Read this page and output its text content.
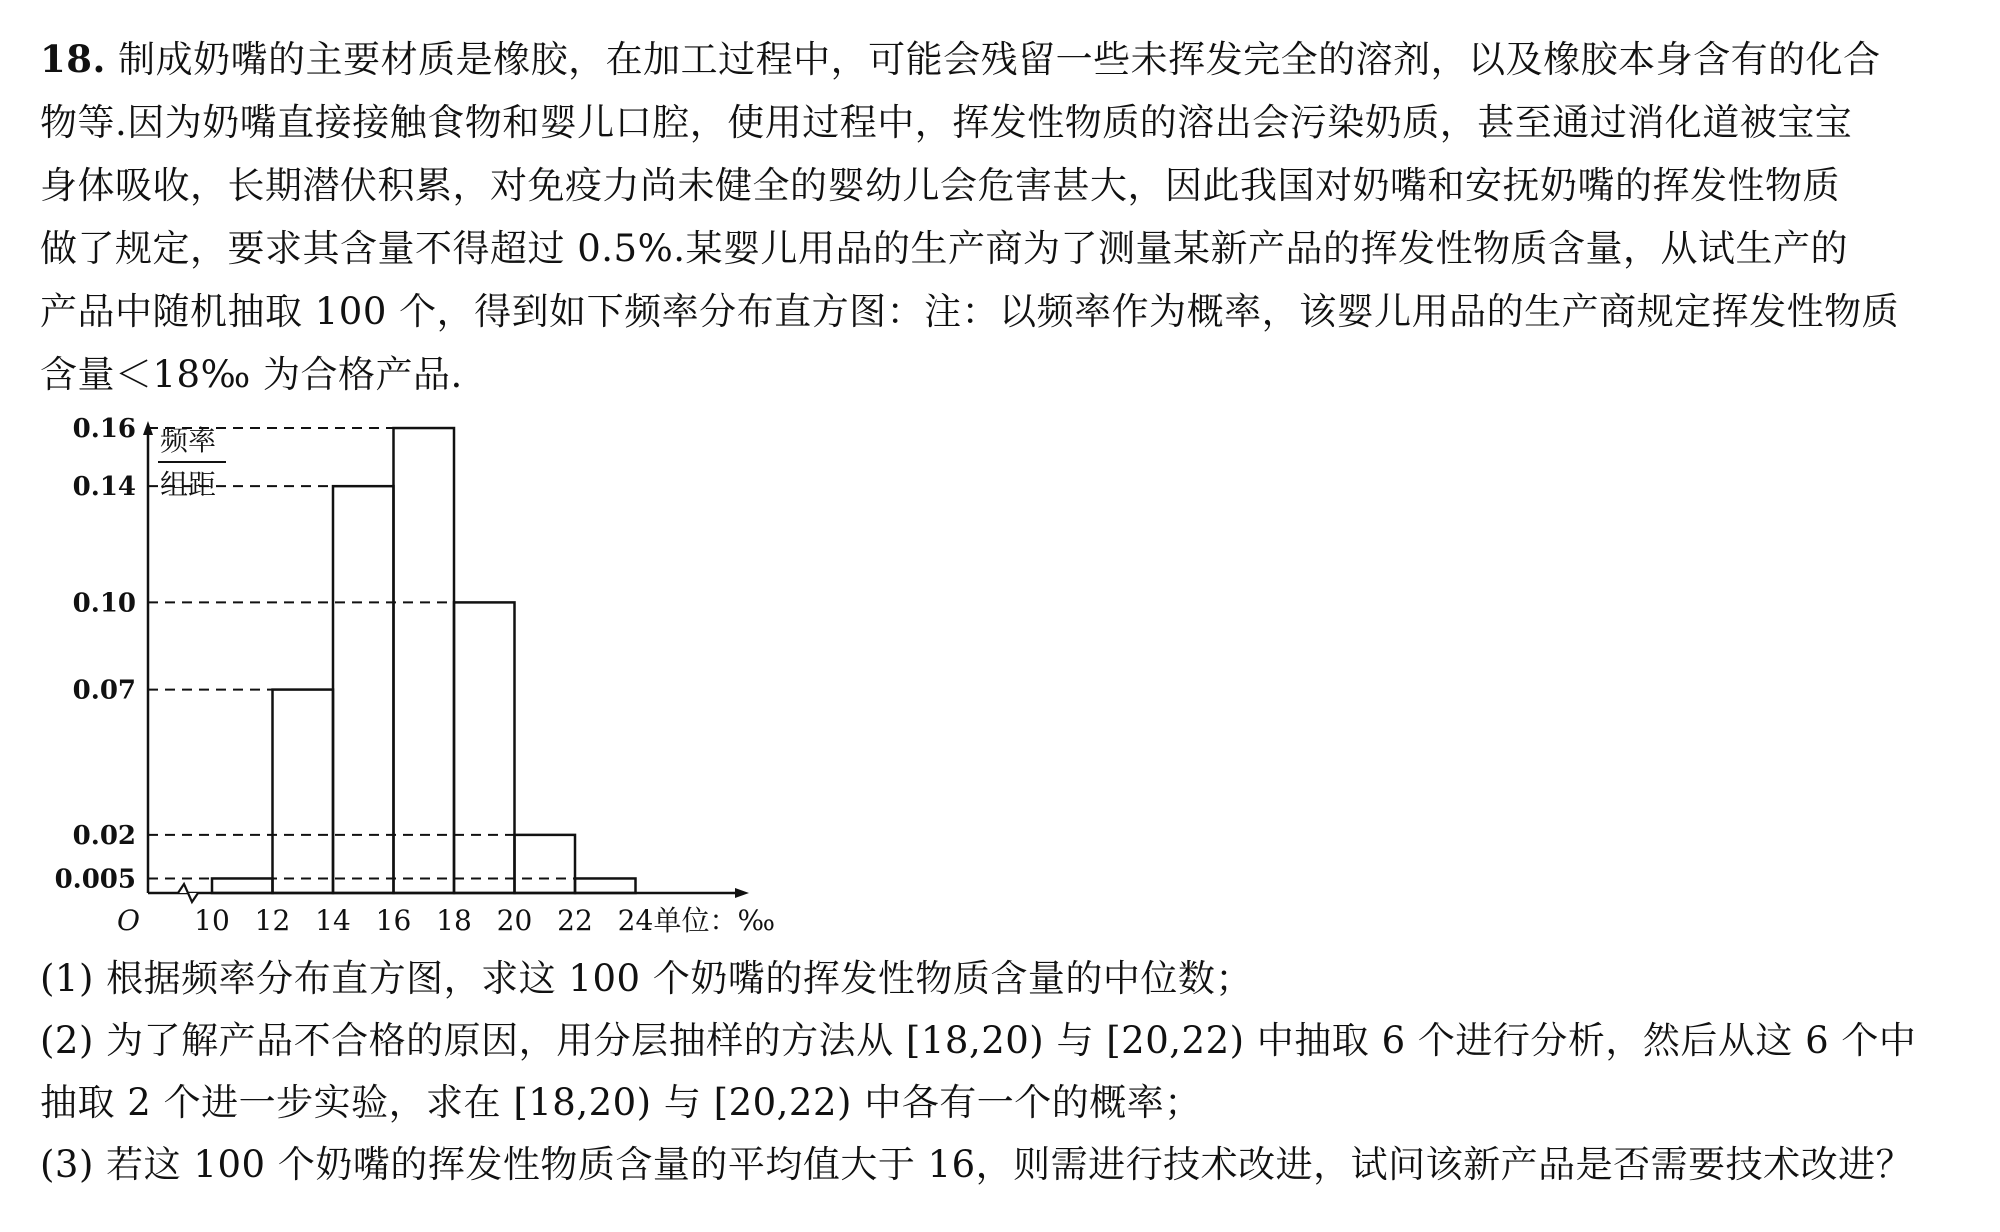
18. 制成奶嘴的主要材质是橡胶，在加工过程中，可能会残留一些未挥发完全的溶剂，以及橡胶本身含有的化合

物等.因为奶嘴直接接触食物和婴儿口腔，使用过程中，挥发性物质的溶出会污染奶质，甚至通过消化道被宝宝

身体吸收，长期潜伏积累，对免疫力尚未健全的婴幼儿会危害甚大，因此我国对奶嘴和安抚奶嘴的挥发性物质

做了规定，要求其含量不得超过 0.5%.某婴儿用品的生产商为了测量某新产品的挥发性物质含量，从试生产的

产品中随机抽取 100 个，得到如下频率分布直方图：注：以频率作为概率，该婴儿用品的生产商规定挥发性物质

含量＜18‰ 为合格产品.

0.16
0.14
0.10
0.07
0.02
0.005
10 12 14 16 18 20 22 24
O	单位：‰
频率
组距

(1) 根据频率分布直方图，求这 100 个奶嘴的挥发性物质含量的中位数；

(2) 为了解产品不合格的原因，用分层抽样的方法从 [18,20) 与 [20,22) 中抽取 6 个进行分析，然后从这 6 个中

抽取 2 个进一步实验，求在 [18,20) 与 [20,22) 中各有一个的概率；

(3) 若这 100 个奶嘴的挥发性物质含量的平均值大于 16，则需进行技术改进，试问该新产品是否需要技术改进？
